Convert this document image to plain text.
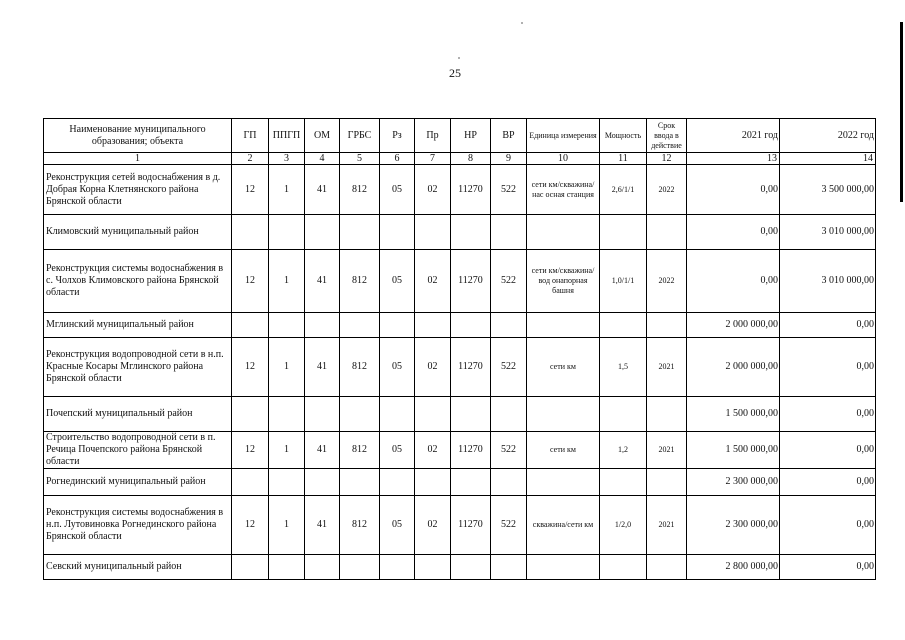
25
Наименование муниципального образования; объекта	ГП	ППГП	ОМ	ГРБС	Рз	Пр	НР	ВР	Единица измерения	Мощность	Срок ввода в действие	2021 год	2022 год
1	2	3	4	5	6	7	8	9	10	11	12	13	14
Реконструкция сетей водоснабжения в д. Добрая Корна Клетнянского района Брянской области	12	1	41	812	05	02	11270	522	сети км/скважина/нас осная станция	2,6/1/1	2022	0,00	3 500 000,00
Климовский муниципальный район												0,00	3 010 000,00
Реконструкция системы водоснабжения в с. Чолхов Климовского района Брянской области	12	1	41	812	05	02	11270	522	сети км/скважина/вод онапорная башня	1,0/1/1	2022	0,00	3 010 000,00
Мглинский муниципальный район												2 000 000,00	0,00
Реконструкция водопроводной сети в н.п. Красные Косары Мглинского района Брянской области	12	1	41	812	05	02	11270	522	сети км	1,5	2021	2 000 000,00	0,00
Почепский муниципальный район												1 500 000,00	0,00
Строительство водопроводной сети в п. Речица Почепского района Брянской области	12	1	41	812	05	02	11270	522	сети км	1,2	2021	1 500 000,00	0,00
Рогнединский муниципальный район												2 300 000,00	0,00
Реконструкция системы водоснабжения в н.п. Лутовиновка Рогнединского района Брянской области	12	1	41	812	05	02	11270	522	скважина/сети км	1/2,0	2021	2 300 000,00	0,00
Севский муниципальный район												2 800 000,00	0,00
